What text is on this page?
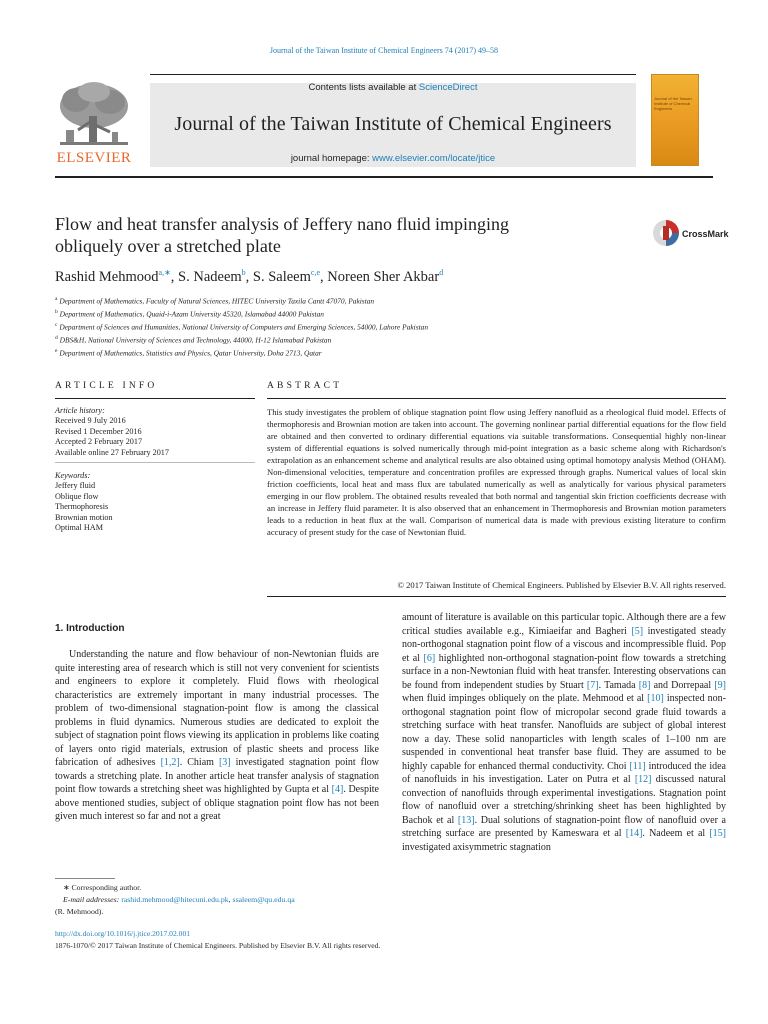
Journal of the Taiwan Institute of Chemical Engineers 74 (2017) 49–58
Contents lists available at ScienceDirect
Journal of the Taiwan Institute of Chemical Engineers
journal homepage: www.elsevier.com/locate/jtice
ELSEVIER
Journal of the Taiwan Institute of Chemical Engineers
Flow and heat transfer analysis of Jeffery nano fluid impinging
obliquely over a stretched plate
CrossMark
Rashid Mehmood$^{a,∗}$, S. Nadeem$^b$, S. Saleem$^{c,e}$, Noreen Sher Akbar$^d$
$^a$ Department of Mathematics, Faculty of Natural Sciences, HITEC University Taxila Cantt 47070, Pakistan
$^b$ Department of Mathematics, Quaid-i-Azam University 45320, Islamabad 44000 Pakistan
$^c$ Department of Sciences and Humanities, National University of Computers and Emerging Sciences, 54000, Lahore Pakistan
$^d$ DBS&H, National University of Sciences and Technology, 44000, H-12 Islamabad Pakistan
$^e$ Department of Mathematics, Statistics and Physics, Qatar University, Doha 2713, Qatar
ARTICLE INFO	ABSTRACT
Article history:
Received 9 July 2016
Revised 1 December 2016
Accepted 2 February 2017
Available online 27 February 2017
Keywords:
Jeffery fluid
Oblique flow
Thermophoresis
Brownian motion
Optimal HAM
This study investigates the problem of oblique stagnation point flow using Jeffery nanofluid as a rheological fluid model. Effects of thermophoresis and Brownian motion are taken into account. The governing nonlinear partial differential equations for the flow field are obtained and then converted to ordinary differential equations via suitable transformations. Consequential highly non-linear system of differential equations is solved numerically through mid-point integration as a basic scheme along with Richardson's extrapolation as an enhancement scheme and analytical results are also obtained using optimal homotopy analysis Method (OHAM). Non-dimensional velocities, temperature and concentration profiles are expressed through graphs. Numerical values of local skin friction coefficients, local heat and mass flux are tabulated numerically as well as analytically for various physical parameters emerging in our flow problem. The obtained results revealed that both normal and tangential skin friction coefficients decrease with an increase in Jeffery fluid parameter. It is also observed that an enhancement in Thermophoresis and Brownian motion parameters leads to a reduction in heat flux at the wall. Comparison of numerical data is made with previous existing literature to confirm accuracy of present study for the case of Newtonian fluid.
© 2017 Taiwan Institute of Chemical Engineers. Published by Elsevier B.V. All rights reserved.
1. Introduction
Understanding the nature and flow behaviour of non-Newtonian fluids are quite interesting area of research which is still not very convenient for scientists and engineers to explore it completely. Fluid flows with rheological characteristics are extremely important in many industrial processes. The problem of two-dimensional stagnation-point flow is among the classical problems in fluid dynamics. Numerous studies are dedicated to exploit the subject of stagnation point flows viewing its application in problems like coating of layers onto rigid materials, extrusion of plastic sheets and process like fabrication of adhesives [1,2]. Chiam [3] investigated stagnation point flow towards a stretching plate. In another article heat transfer analysis of stagnation point flow towards a stretching sheet was highlighted by Gupta et al [4]. Despite above mentioned studies, subject of oblique stagnation point flow has not been given much interest so far and not a great
amount of literature is available on this particular topic. Although there are a few critical studies available e.g., Kimiaeifar and Bagheri [5] investigated steady non-orthogonal stagnation point flow of a viscous and incompressible fluid. Pop et al [6] highlighted non-orthogonal stagnation-point flow towards a stretching surface in a non-Newtonian fluid with heat transfer. Interesting observations can be found from independent studies by Stuart [7]. Tamada [8] and Dorrepaal [9] when fluid impinges obliquely on the plate. Mehmood et al [10] inspected non-orthogonal stagnation point flow of micropolar second grade fluid towards a stretching surface with heat transfer. Nanofluids are subject of global interest now a day. These solid nanoparticles with length scales of 1–100 nm are suspended in conventional heat transfer base fluid. They are assumed to be highly capable for enhanced thermal conductivity. Choi [11] introduced the idea of nanofluids in his investigation. Later on Putra et al [12] discussed natural convection of nanofluids through experimental investigations. Stagnation point flow of nanofluid over a stretching/shrinking sheet has been highlighted by Bachok et al [13]. Dual solutions of stagnation-point flow of nanofluid over a stretching surface are presented by Kameswara et al [14]. Nadeem et al [15] investigated axisymmetric stagnation
∗ Corresponding author.
E-mail addresses: rashid.mehmood@hitecuni.edu.pk, ssaleem@qu.edu.qa
(R. Mehmood).
http://dx.doi.org/10.1016/j.jtice.2017.02.001
1876-1070/© 2017 Taiwan Institute of Chemical Engineers. Published by Elsevier B.V. All rights reserved.
